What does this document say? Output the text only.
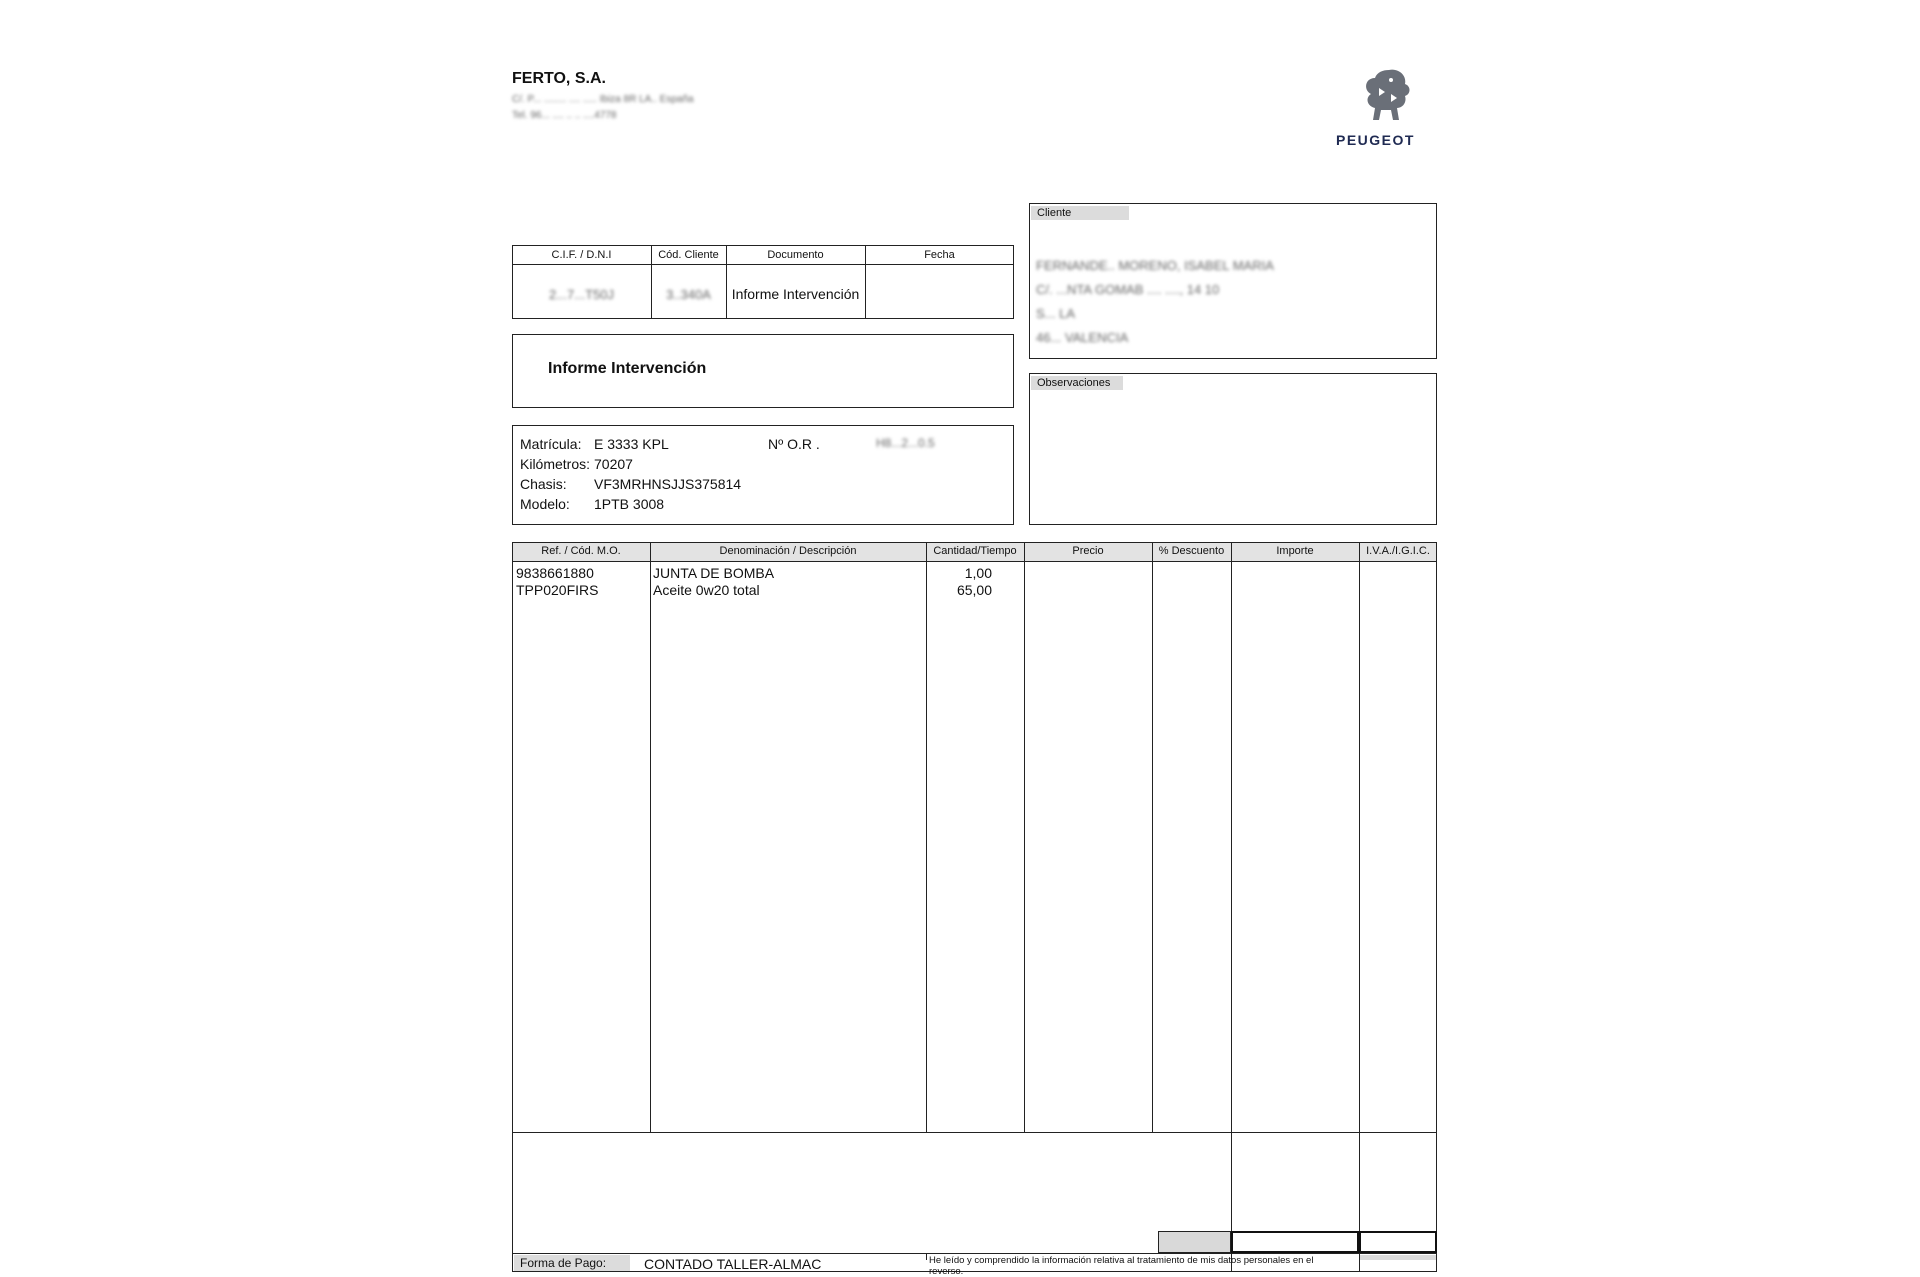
FERTO, S.A.
C/. P... ........ .... ..... Ibiza 8R LA.. España
Tel. 96... .... .. .. ....4778
PEUGEOT
Cliente
FERNANDE.. MORENO, ISABEL MARIA
C/. ...NTA GOMAB .... ...., 14 10
S... LA
46... VALENCIA
C.I.F. / D.N.I	Cód. Cliente	Documento	Fecha
2...7...T50J	3..340A	Informe Intervención
Informe Intervención
Observaciones
Matrícula: E 3333 KPL	Nº O.R .	H8...2...0.5
Kilómetros: 70207
Chasis: VF3MRHNSJJS375814
Modelo: 1PTB 3008
Ref. / Cód. M.O.	Denominación / Descripción	Cantidad/Tiempo	Precio	% Descuento	Importe	I.V.A./I.G.I.C.
9838661880	JUNTA DE BOMBA	1,00
TPP020FIRS	Aceite 0w20 total	65,00
Forma de Pago:	CONTADO TALLER-ALMAC	He leído y comprendido la información relativa al tratamiento de mis datos personales en el reverso.
